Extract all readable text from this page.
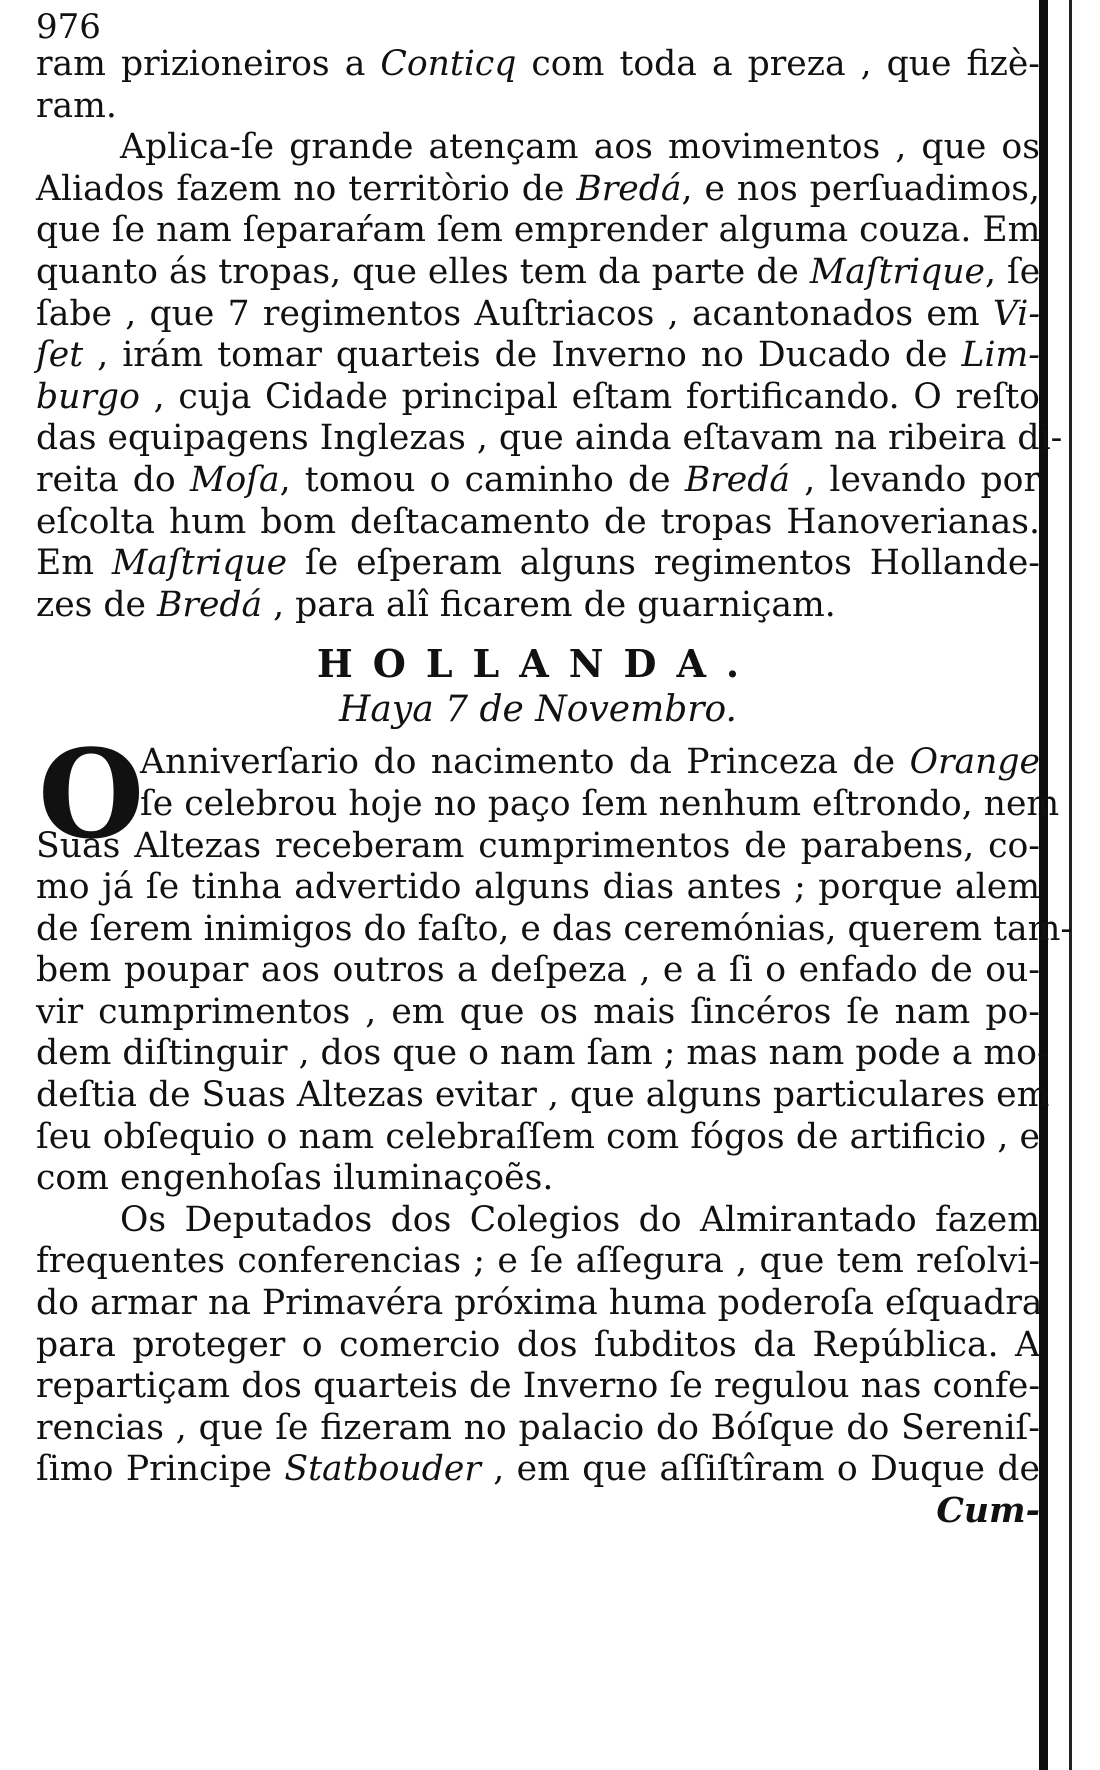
976
ram prizioneiros a Conticq com toda a preza , que fizè-
ram.
Aplica-ſe grande atençam aos movimentos , que os
Aliados fazem no territòrio de Bredá, e nos perſuadimos,
que ſe nam ſeparaŕam ſem emprender alguma couza. Em
quanto ás tropas, que elles tem da parte de Maſtrique, ſe
ſabe , que 7 regimentos Auſtriacos , acantonados em Vi-
ſet , irám tomar quarteis de Inverno no Ducado de Lim-
burgo , cuja Cidade principal eſtam fortificando. O reſto
das equipagens Inglezas , que ainda eſtavam na ribeira di-
reita do Moſa, tomou o caminho de Bredá , levando por
eſcolta hum bom deſtacamento de tropas Hanoverianas.
Em Maſtrique ſe eſperam alguns regimentos Hollande-
zes de Bredá , para alî ficarem de guarniçam.
HOLLANDA.
Haya 7 de Novembro.
O
Anniverſario do nacimento da Princeza de Orange
ſe celebrou hoje no paço ſem nenhum eſtrondo, nem
Suas Altezas receberam cumprimentos de parabens, co-
mo já ſe tinha advertido alguns dias antes ; porque alem
de ſerem inimigos do faſto, e das ceremónias, querem tam-
bem poupar aos outros a deſpeza , e a ſi o enfado de ou-
vir cumprimentos , em que os mais ſincéros ſe nam po-
dem diſtinguir , dos que o nam ſam ; mas nam pode a mo-
deſtia de Suas Altezas evitar , que alguns particulares em
ſeu obſequio o nam celebraſſem com fógos de artificio , e
com engenhoſas iluminaçoẽs.
Os Deputados dos Colegios do Almirantado fazem
frequentes conferencias ; e ſe aſſegura , que tem reſolvi-
do armar na Primavéra próxima huma poderoſa eſquadra
para proteger o comercio dos ſubditos da República. A
repartiçam dos quarteis de Inverno ſe regulou nas confe-
rencias , que ſe fizeram no palacio do Bóſque do Sereniſ-
ſimo Principe Statbouder , em que aſſiſtîram o Duque de
Cum-
